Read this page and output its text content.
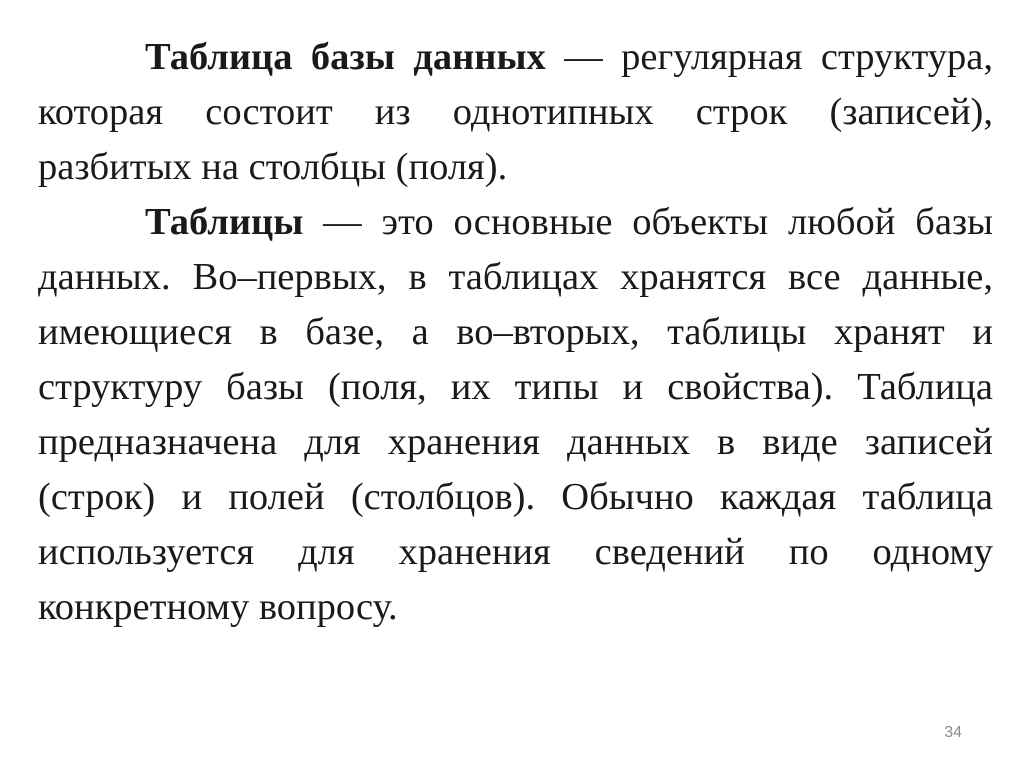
Таблица базы данных — регулярная структура, которая состоит из однотипных строк (записей), разбитых на столбцы (поля).

Таблицы — это основные объекты любой базы данных. Во–первых, в таблицах хранятся все данные, имеющиеся в базе, а во–вторых, таблицы хранят и структуру базы (поля, их типы и свойства). Таблица предназначена для хранения данных в виде записей (строк) и полей (столбцов). Обычно каждая таблица используется для хранения сведений по одному конкретному вопросу.

34
